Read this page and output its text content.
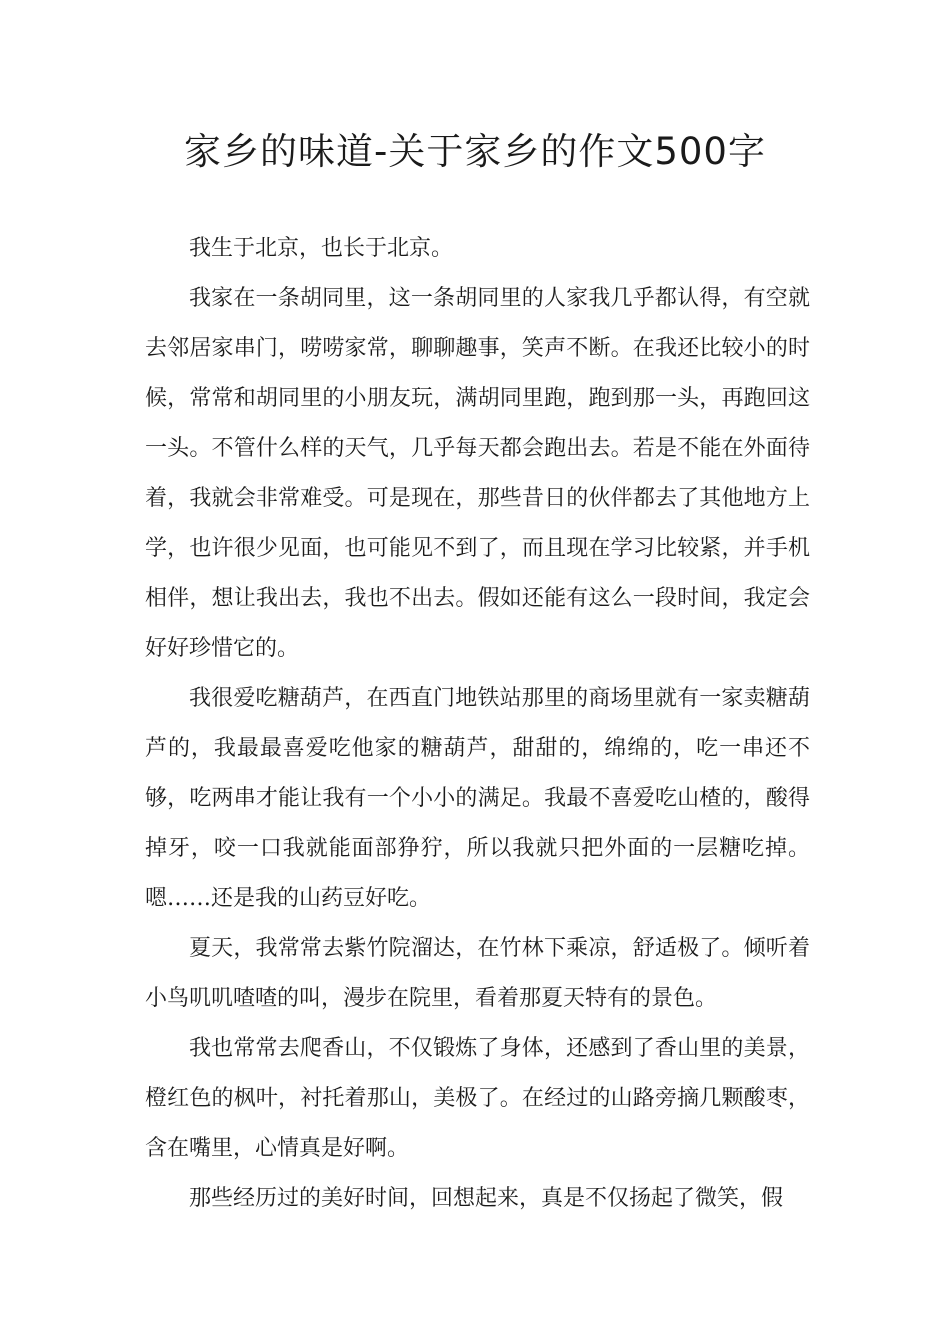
家乡的味道-关于家乡的作文500字

我生于北京，也长于北京。

我家在一条胡同里，这一条胡同里的人家我几乎都认得，有空就去邻居家串门，唠唠家常，聊聊趣事，笑声不断。在我还比较小的时候，常常和胡同里的小朋友玩，满胡同里跑，跑到那一头，再跑回这一头。不管什么样的天气，几乎每天都会跑出去。若是不能在外面待着，我就会非常难受。可是现在，那些昔日的伙伴都去了其他地方上学，也许很少见面，也可能见不到了，而且现在学习比较紧，并手机相伴，想让我出去，我也不出去。假如还能有这么一段时间，我定会好好珍惜它的。

我很爱吃糖葫芦，在西直门地铁站那里的商场里就有一家卖糖葫芦的，我最最喜爱吃他家的糖葫芦，甜甜的，绵绵的，吃一串还不够，吃两串才能让我有一个小小的满足。我最不喜爱吃山楂的，酸得掉牙，咬一口我就能面部狰狞，所以我就只把外面的一层糖吃掉。嗯……还是我的山药豆好吃。

夏天，我常常去紫竹院溜达，在竹林下乘凉，舒适极了。倾听着小鸟叽叽喳喳的叫，漫步在院里，看着那夏天特有的景色。

我也常常去爬香山，不仅锻炼了身体，还感到了香山里的美景，橙红色的枫叶，衬托着那山，美极了。在经过的山路旁摘几颗酸枣，含在嘴里，心情真是好啊。

那些经历过的美好时间，回想起来，真是不仅扬起了微笑，假
